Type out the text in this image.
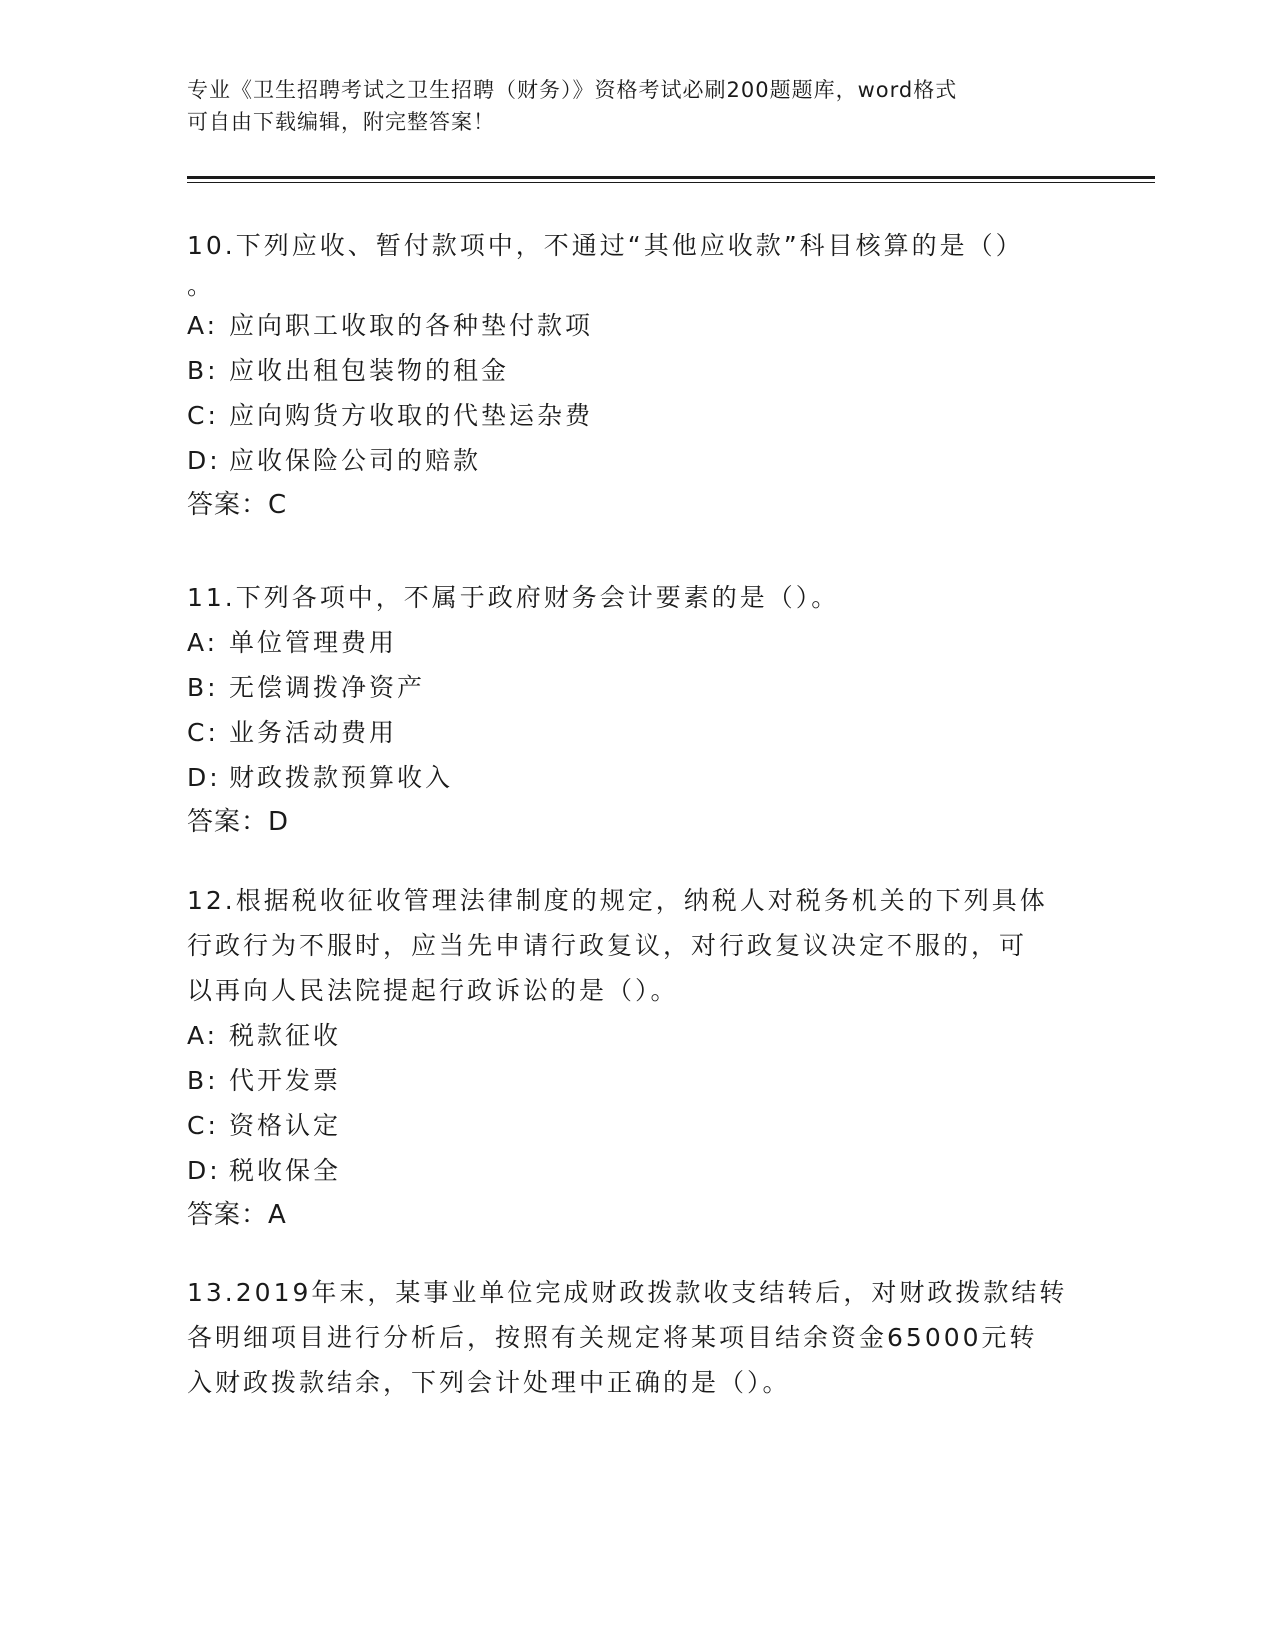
专业《卫生招聘考试之卫生招聘（财务）》资格考试必刷200题题库，word格式
可自由下载编辑，附完整答案！
10.下列应收、暂付款项中，不通过“其他应收款”科目核算的是（）
。
A: 应向职工收取的各种垫付款项
B: 应收出租包装物的租金
C: 应向购货方收取的代垫运杂费
D: 应收保险公司的赔款
答案：C
11.下列各项中，不属于政府财务会计要素的是（）。
A: 单位管理费用
B: 无偿调拨净资产
C: 业务活动费用
D: 财政拨款预算收入
答案：D
12.根据税收征收管理法律制度的规定，纳税人对税务机关的下列具体
行政行为不服时，应当先申请行政复议，对行政复议决定不服的，可
以再向人民法院提起行政诉讼的是（）。
A: 税款征收
B: 代开发票
C: 资格认定
D: 税收保全
答案：A
13.2019年末，某事业单位完成财政拨款收支结转后，对财政拨款结转
各明细项目进行分析后，按照有关规定将某项目结余资金65000元转
入财政拨款结余，下列会计处理中正确的是（）。
